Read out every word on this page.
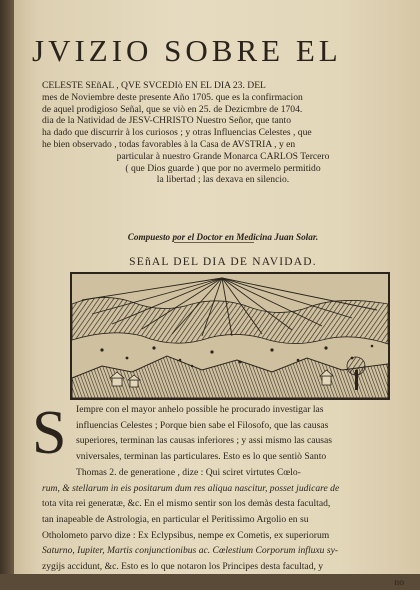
JVIZIO SOBRE EL
CELESTE SEñAL , QVE SVCEDIò EN EL DIA 23. DEL
mes de Noviembre deste presente Año 1705. que es la confirmacion
de aquel prodigioso Señal, que se viò en 25. de Dezicmbre de 1704.
dia de la Natividad de JESV-CHRISTO Nuestro Señor, que tanto
ha dado que discurrir à los curiosos ; y otras Influencias Celestes , que
he bien observado , todas favorables à la Casa de AVSTRIA , y en
particular à nuestro Grande Monarca CARLOS Tercero
( que Dios guarde ) que por no avermelo permitido
la libertad ; las dexava en silencio.
Compuesto por el Doctor en Medicina Juan Solar.
SEñAL DEL DIA DE NAVIDAD.
S Iempre con el mayor anhelo possible he procurado investigar las
influencias Celestes ; Porque bien sabe el Filosofo, que las causas
superiores, terminan las causas inferiores ; y assi mismo las causas
vniversales, terminan las particulares. Esto es lo que sentiò Santo
Thomas 2. de generatione , dize : Qui sciret virtutes Cœlo-
rum, & stellarum in eis positarum dum res aliqua nascitur, posset judicare de
tota vita rei generatæ, &c. En el mismo sentir son los demàs desta facultad,
tan inapeable de Astrologia, en particular el Peritissimo Argolio en su
Otholometo parvo dize : Ex Eclypsibus, nempe ex Cometis, ex superiorum
Saturno, Iupiter, Martis conjunctionibus ac. Cœlestium Corporum influxu sy-
zygijs accidunt, &c. Esto es lo que notaron los Principes desta facultad, y
no
